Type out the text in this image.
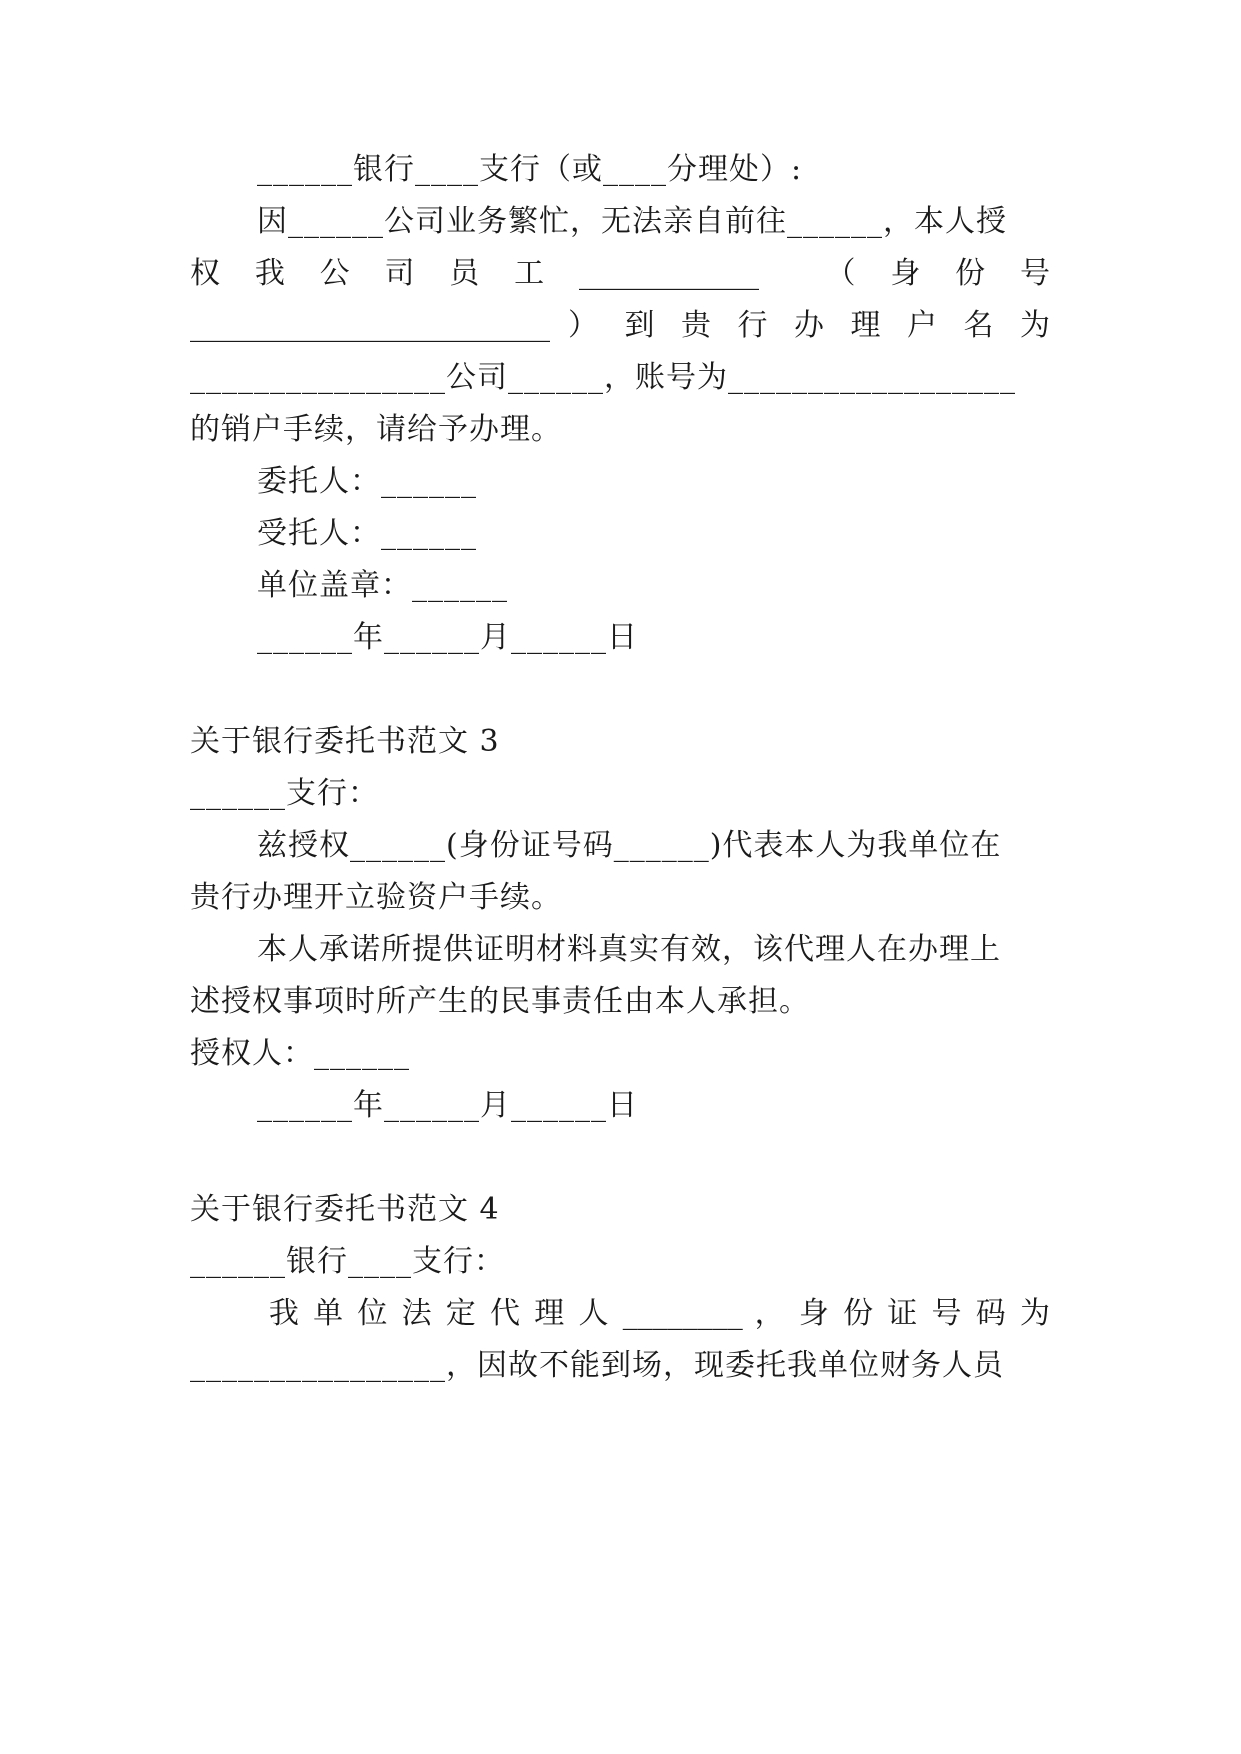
______银行____支行（或____分理处）:
因______公司业务繁忙，无法亲自前往______，本人授
权 我 公 司 员 工 ____________   （ 身 份 号
________________________ ） 到 贵 行 办 理 户 名 为
________________公司______，账号为__________________
的销户手续，请给予办理。
委托人：______
受托人：______
单位盖章：______
______年______月______日
关于银行委托书范文 3
______支行：
兹授权______(身份证号码______)代表本人为我单位在
贵行办理开立验资户手续。
本人承诺所提供证明材料真实有效，该代理人在办理上
述授权事项时所产生的民事责任由本人承担。
授权人：______
______年______月______日
关于银行委托书范文 4
______银行____支行：
我 单 位 法 定 代 理 人 ________ ， 身 份 证 号 码 为
________________，因故不能到场，现委托我单位财务人员
